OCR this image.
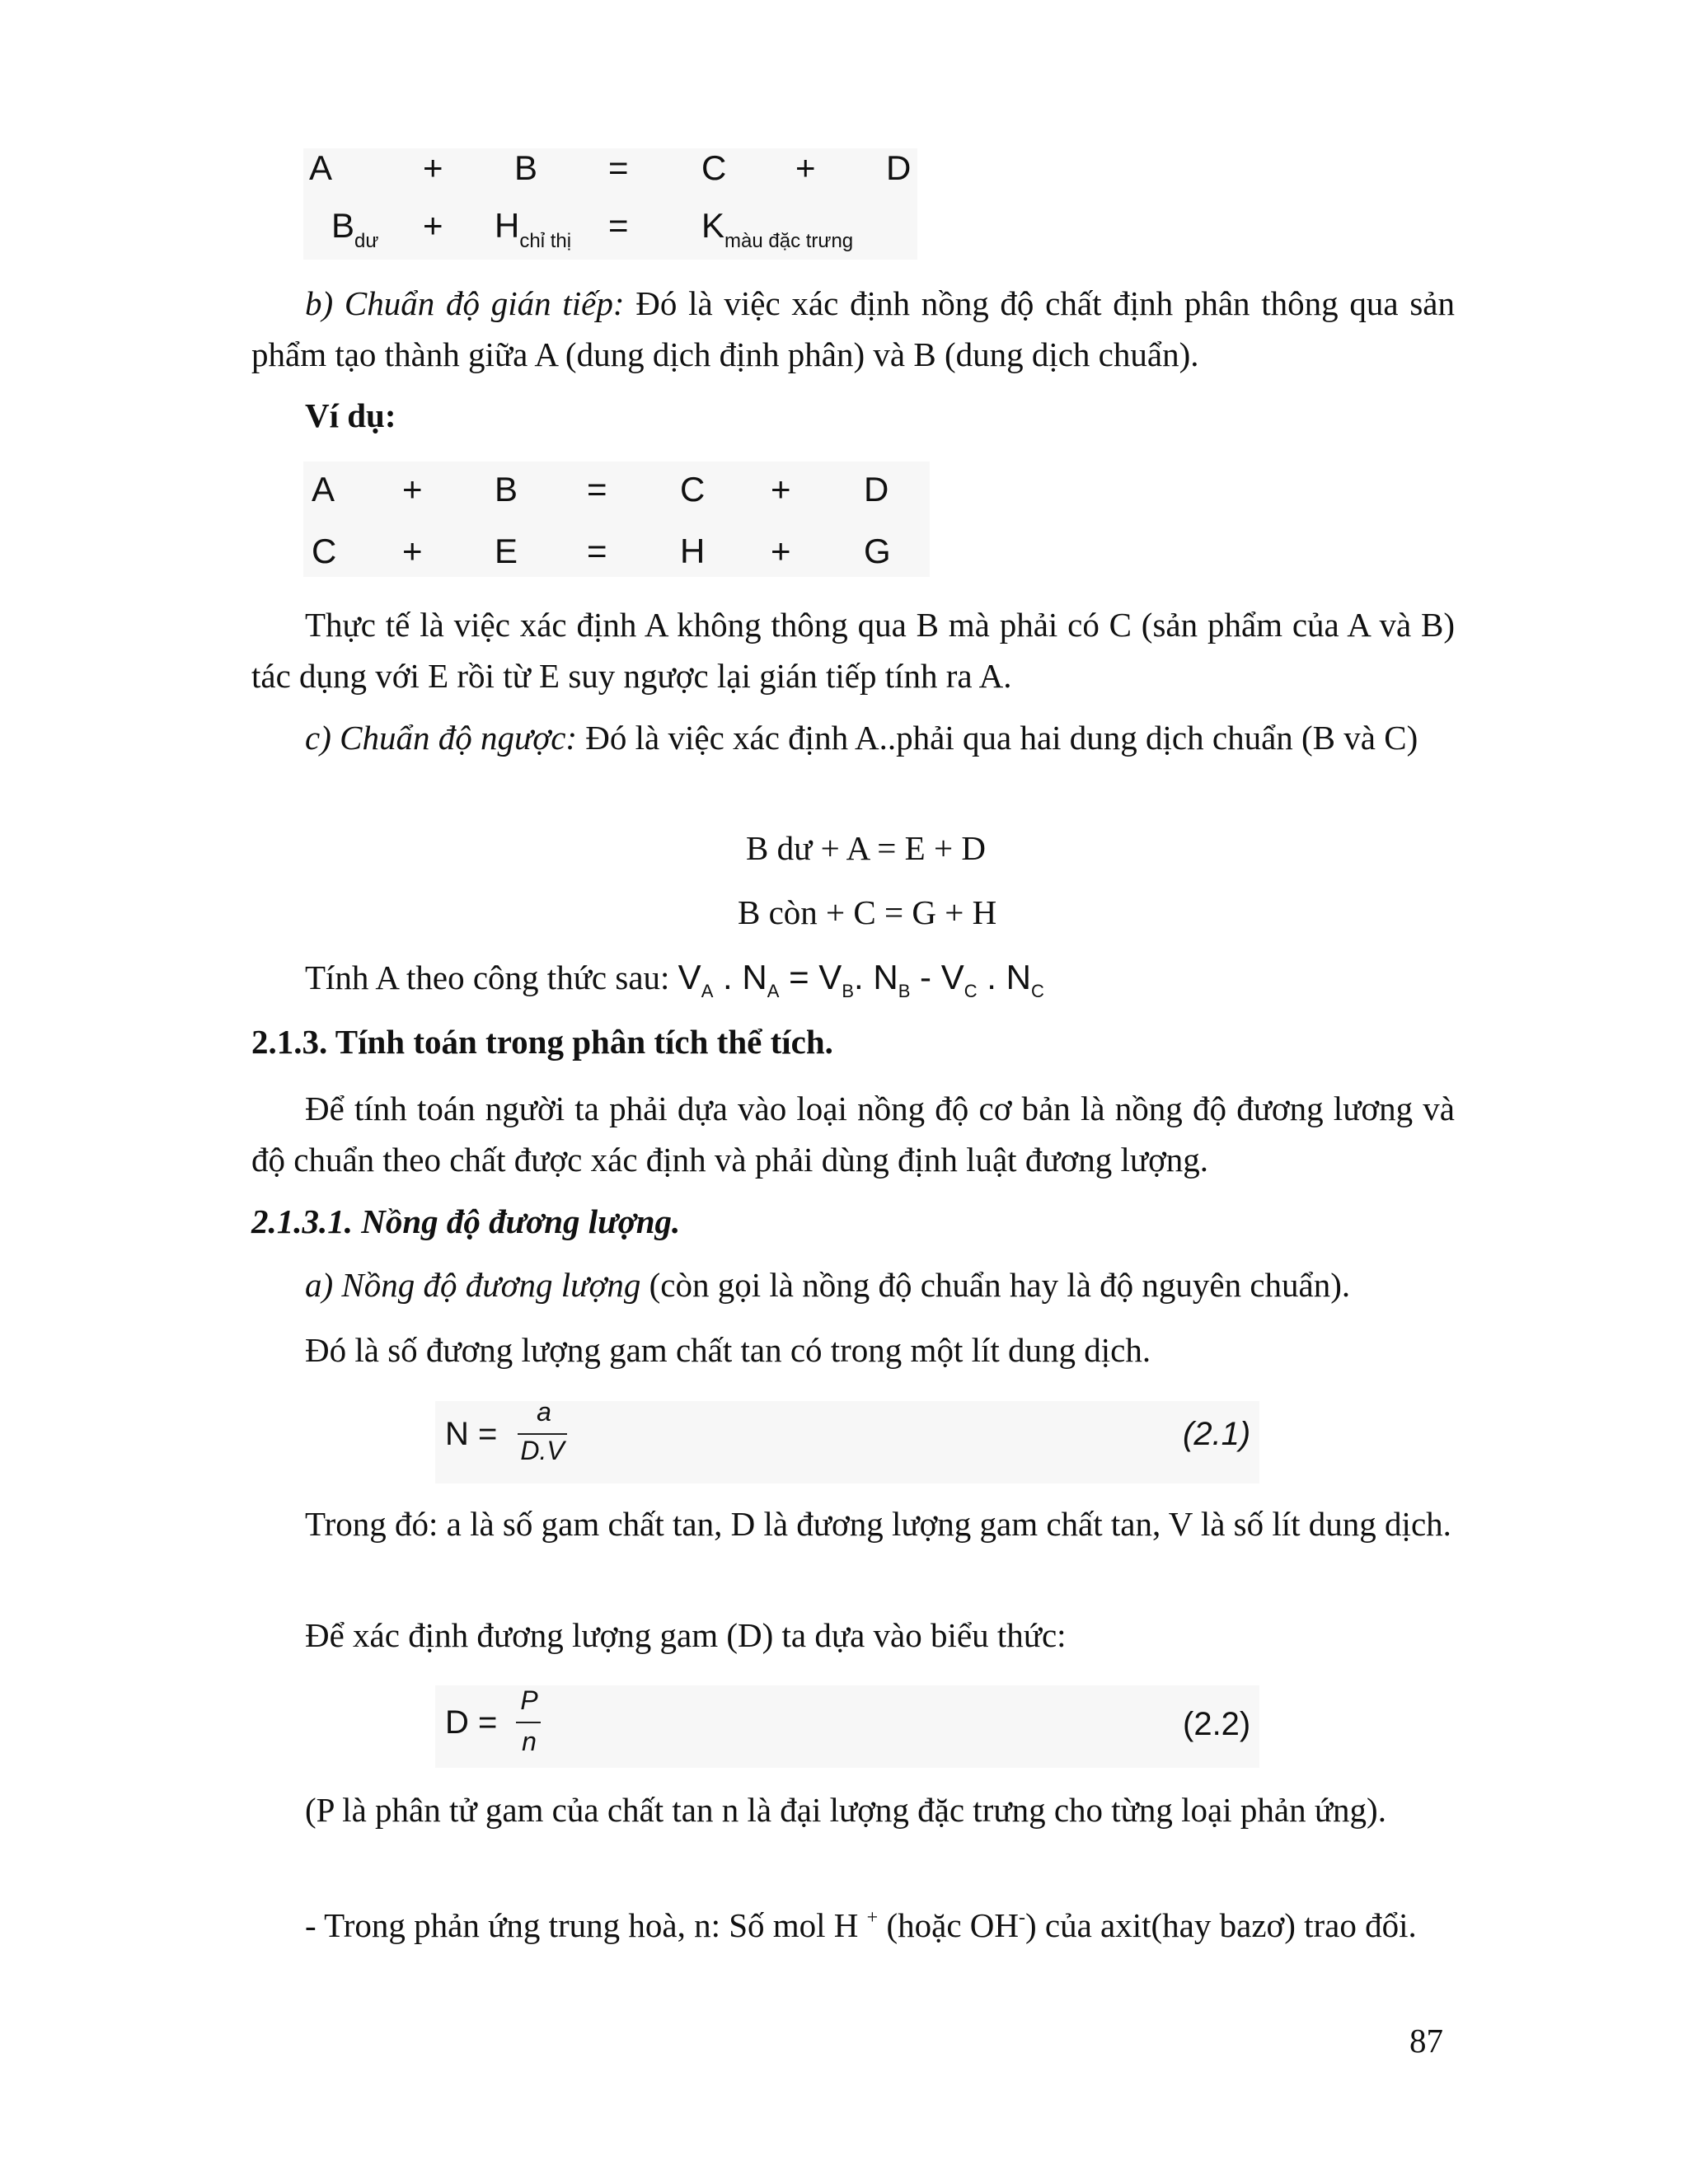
A	+ B = C + D
$B_{dư} + H_{chỉ thị} = K_{màu đặc trưng}$
b) Chuẩn độ gián tiếp: Đó là việc xác định nồng độ chất định phân thông qua sản phẩm tạo thành giữa A (dung dịch định phân) và B (dung dịch chuẩn).
Ví dụ:
A + B = C + D
C + E = H + G
Thực tế là việc xác định A không thông qua B mà phải có C (sản phẩm của A và B) tác dụng với E rồi từ E suy ngược lại gián tiếp tính ra A.
c) Chuẩn độ ngược: Đó là việc xác định A..phải qua hai dung dịch chuẩn (B và C)
B dư + A = E + D
B còn + C = G + H
Tính A theo công thức sau: $V_A$ . $N_A = V_B$. $N_B - V_C$ . $N_C$
2.1.3. Tính toán trong phân tích thể tích.
Để tính toán người ta phải dựa vào loại nồng độ cơ bản là nồng độ đương lương và độ chuẩn theo chất được xác định và phải dùng định luật đương lượng.
2.1.3.1. Nồng độ đương lượng.
a) Nồng độ đương lượng (còn gọi là nồng độ chuẩn hay là độ nguyên chuẩn).
Đó là số đương lượng gam chất tan có trong một lít dung dịch.
N =
a
D.V	(2.1)
Trong đó: a là số gam chất tan, D là đương lượng gam chất tan, V là số lít dung dịch.
Để xác định đương lượng gam (D) ta dựa vào biểu thức:
D =
P
n	(2.2)
(P là phân tử gam của chất tan n là đại lượng đặc trưng cho từng loại phản ứng).
- Trong phản ứng trung hoà, n: Số mol H + (hoặc OH-) của axit(hay bazơ) trao đổi.
87
